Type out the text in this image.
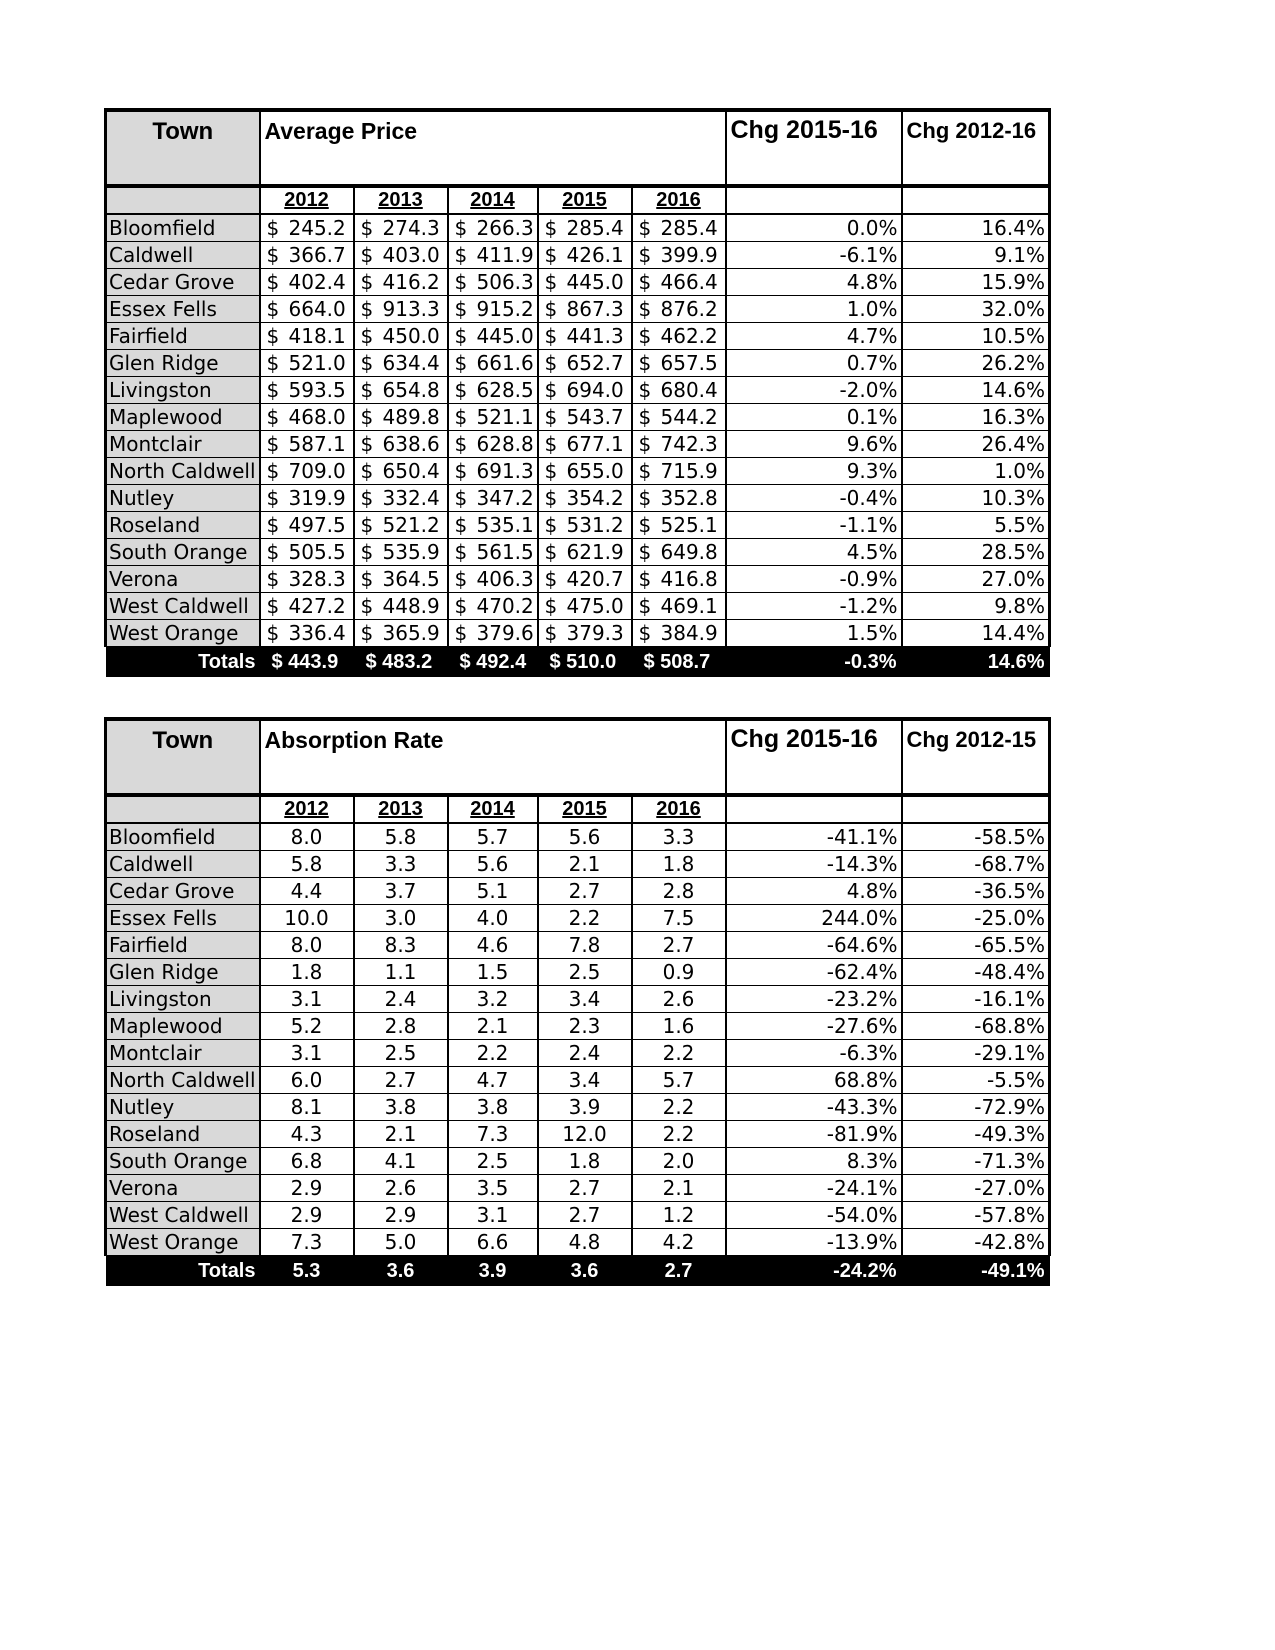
Town	Average Price					Chg 2015-16	Chg 2012-16
	2012	2013	2014	2015	2016		
Bloomfield	$ 245.2	$ 274.3	$ 266.3	$ 285.4	$ 285.4	0.0%	16.4%
Caldwell	$ 366.7	$ 403.0	$ 411.9	$ 426.1	$ 399.9	-6.1%	9.1%
Cedar Grove	$ 402.4	$ 416.2	$ 506.3	$ 445.0	$ 466.4	4.8%	15.9%
Essex Fells	$ 664.0	$ 913.3	$ 915.2	$ 867.3	$ 876.2	1.0%	32.0%
Fairfield	$ 418.1	$ 450.0	$ 445.0	$ 441.3	$ 462.2	4.7%	10.5%
Glen Ridge	$ 521.0	$ 634.4	$ 661.6	$ 652.7	$ 657.5	0.7%	26.2%
Livingston	$ 593.5	$ 654.8	$ 628.5	$ 694.0	$ 680.4	-2.0%	14.6%
Maplewood	$ 468.0	$ 489.8	$ 521.1	$ 543.7	$ 544.2	0.1%	16.3%
Montclair	$ 587.1	$ 638.6	$ 628.8	$ 677.1	$ 742.3	9.6%	26.4%
North Caldwell	$ 709.0	$ 650.4	$ 691.3	$ 655.0	$ 715.9	9.3%	1.0%
Nutley	$ 319.9	$ 332.4	$ 347.2	$ 354.2	$ 352.8	-0.4%	10.3%
Roseland	$ 497.5	$ 521.2	$ 535.1	$ 531.2	$ 525.1	-1.1%	5.5%
South Orange	$ 505.5	$ 535.9	$ 561.5	$ 621.9	$ 649.8	4.5%	28.5%
Verona	$ 328.3	$ 364.5	$ 406.3	$ 420.7	$ 416.8	-0.9%	27.0%
West Caldwell	$ 427.2	$ 448.9	$ 470.2	$ 475.0	$ 469.1	-1.2%	9.8%
West Orange	$ 336.4	$ 365.9	$ 379.6	$ 379.3	$ 384.9	1.5%	14.4%
Totals	$ 443.9	$ 483.2	$ 492.4	$ 510.0	$ 508.7	-0.3%	14.6%
Town	Absorption Rate					Chg 2015-16	Chg 2012-15
	2012	2013	2014	2015	2016		
Bloomfield	8.0	5.8	5.7	5.6	3.3	-41.1%	-58.5%
Caldwell	5.8	3.3	5.6	2.1	1.8	-14.3%	-68.7%
Cedar Grove	4.4	3.7	5.1	2.7	2.8	4.8%	-36.5%
Essex Fells	10.0	3.0	4.0	2.2	7.5	244.0%	-25.0%
Fairfield	8.0	8.3	4.6	7.8	2.7	-64.6%	-65.5%
Glen Ridge	1.8	1.1	1.5	2.5	0.9	-62.4%	-48.4%
Livingston	3.1	2.4	3.2	3.4	2.6	-23.2%	-16.1%
Maplewood	5.2	2.8	2.1	2.3	1.6	-27.6%	-68.8%
Montclair	3.1	2.5	2.2	2.4	2.2	-6.3%	-29.1%
North Caldwell	6.0	2.7	4.7	3.4	5.7	68.8%	-5.5%
Nutley	8.1	3.8	3.8	3.9	2.2	-43.3%	-72.9%
Roseland	4.3	2.1	7.3	12.0	2.2	-81.9%	-49.3%
South Orange	6.8	4.1	2.5	1.8	2.0	8.3%	-71.3%
Verona	2.9	2.6	3.5	2.7	2.1	-24.1%	-27.0%
West Caldwell	2.9	2.9	3.1	2.7	1.2	-54.0%	-57.8%
West Orange	7.3	5.0	6.6	4.8	4.2	-13.9%	-42.8%
Totals	5.3	3.6	3.9	3.6	2.7	-24.2%	-49.1%
